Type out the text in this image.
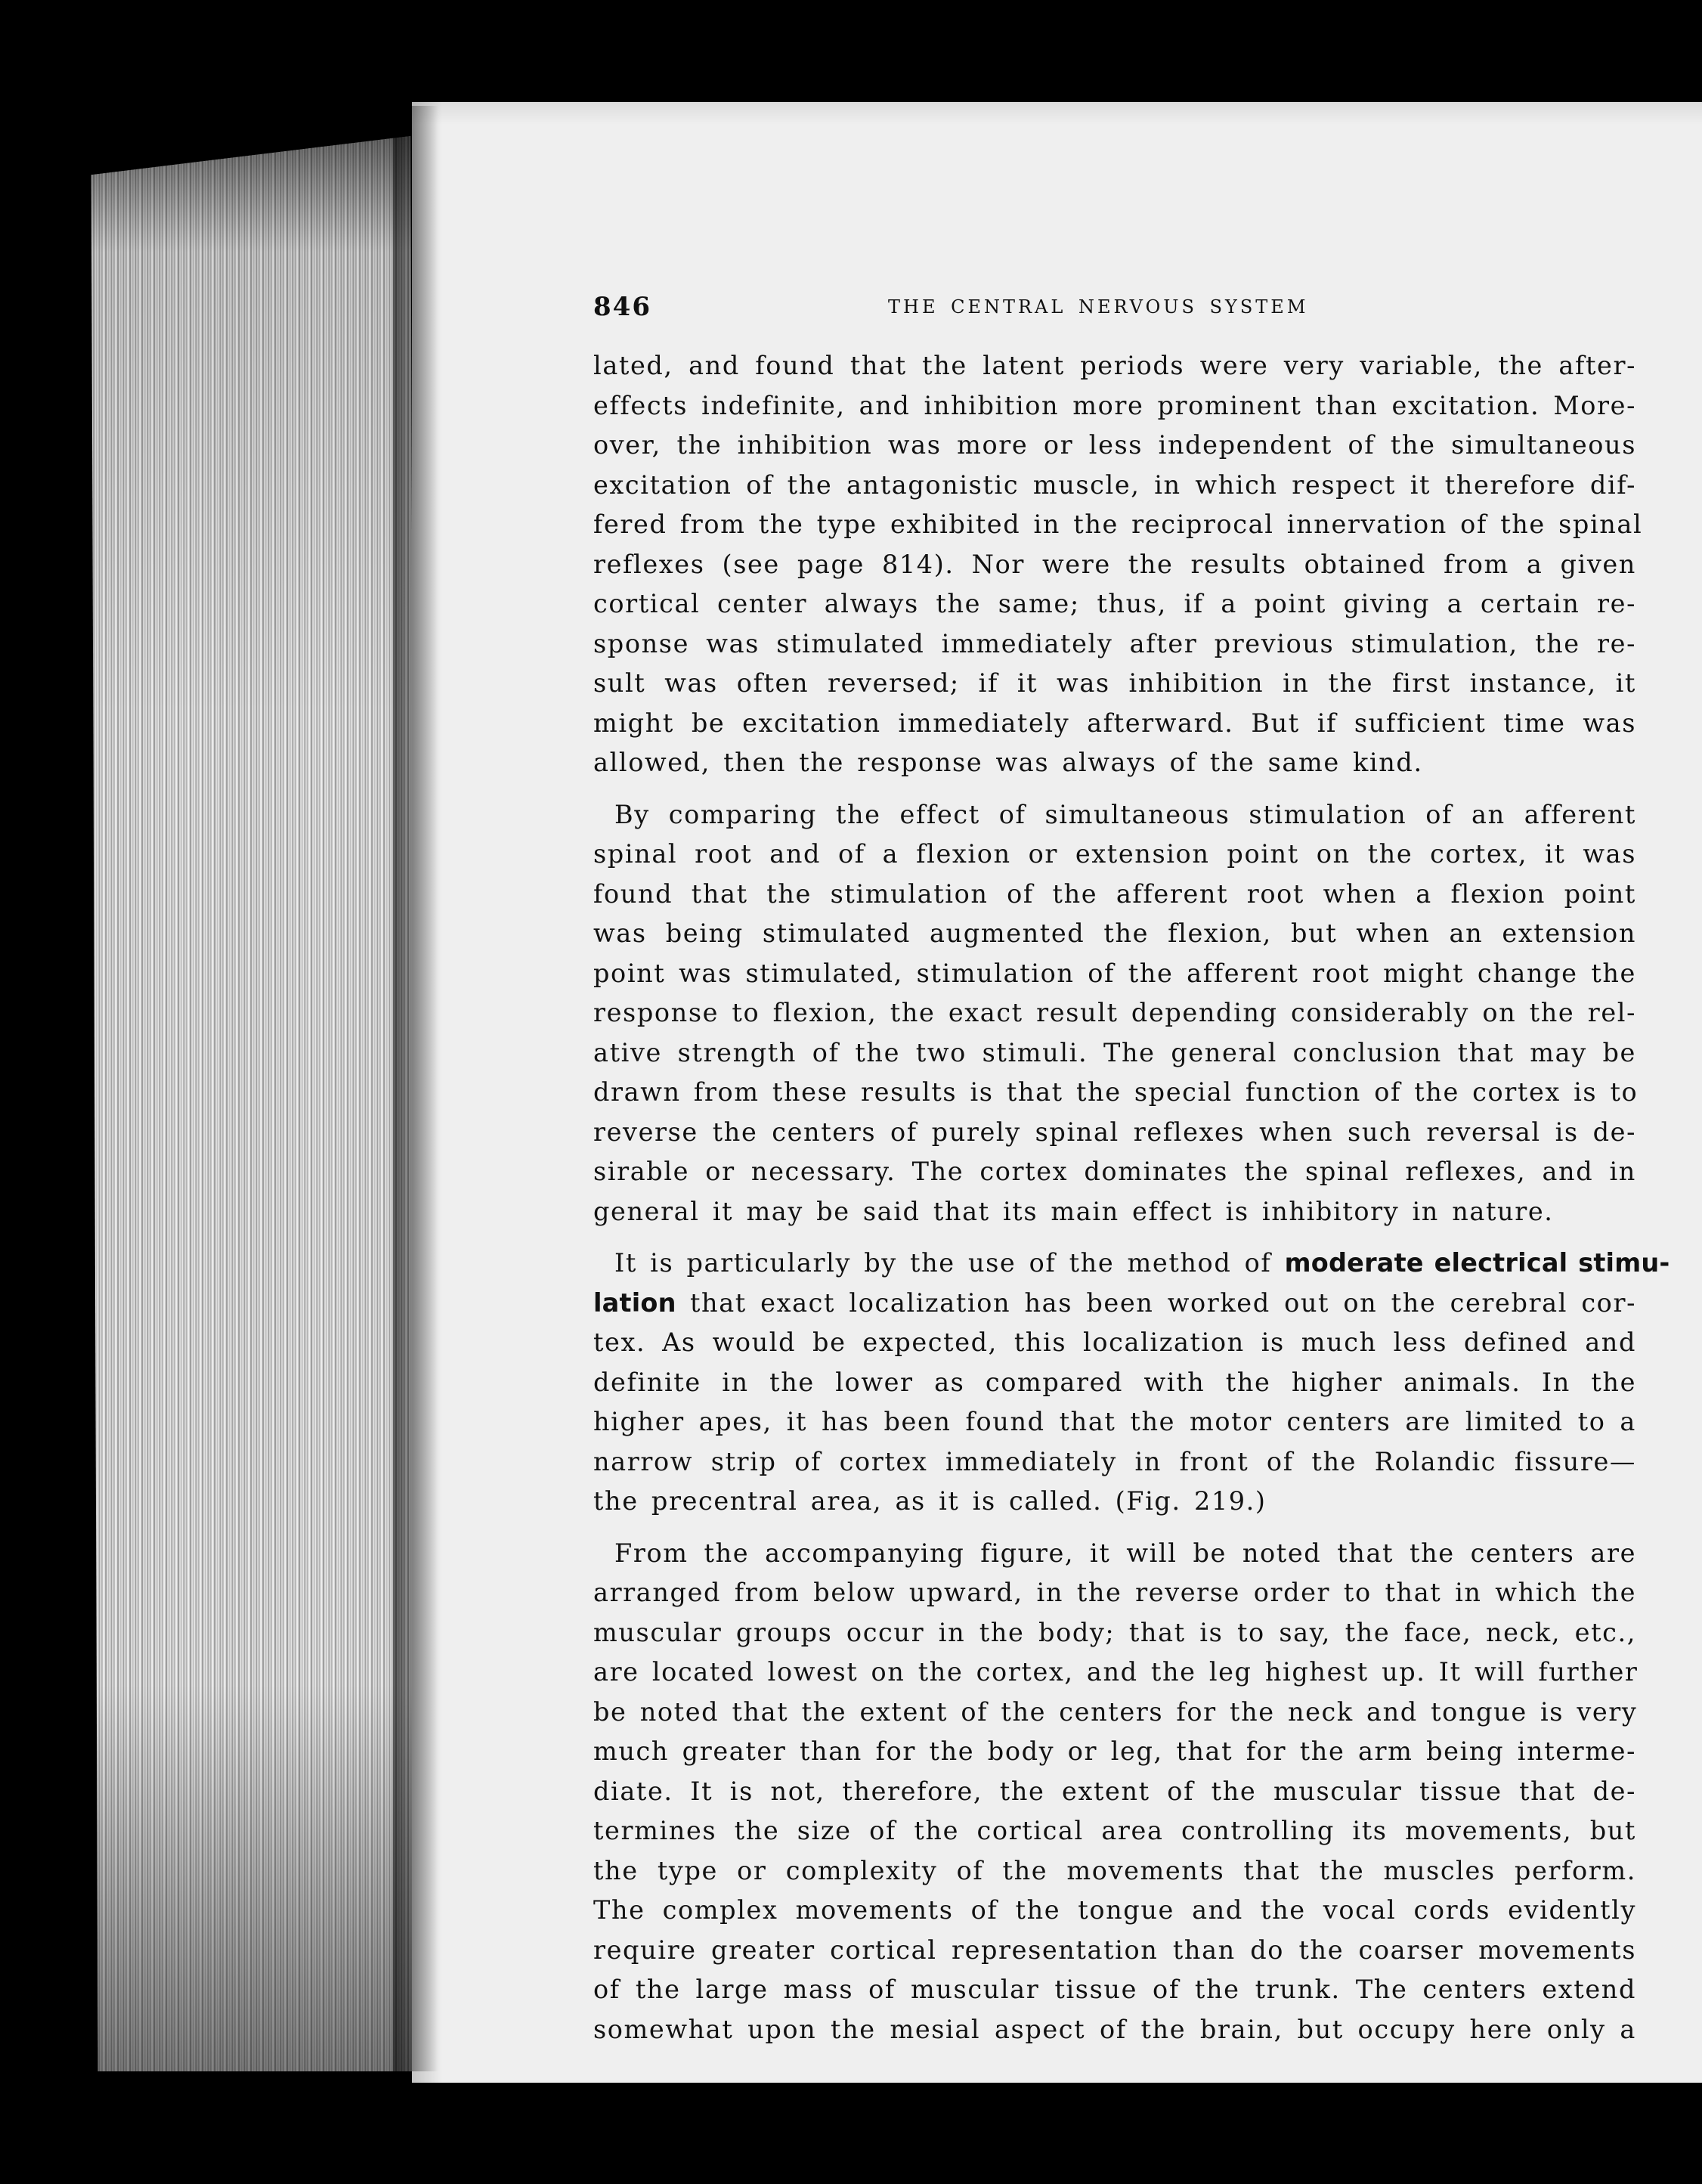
846	THE CENTRAL NERVOUS SYSTEM
lated, and found that the latent periods were very variable, the after-
effects indefinite, and inhibition more prominent than excitation. More-
over, the inhibition was more or less independent of the simultaneous
excitation of the antagonistic muscle, in which respect it therefore dif-
fered from the type exhibited in the reciprocal innervation of the spinal
reflexes (see page 814). Nor were the results obtained from a given
cortical center always the same; thus, if a point giving a certain re-
sponse was stimulated immediately after previous stimulation, the re-
sult was often reversed; if it was inhibition in the first instance, it
might be excitation immediately afterward. But if sufficient time was
allowed, then the response was always of the same kind.
By comparing the effect of simultaneous stimulation of an afferent
spinal root and of a flexion or extension point on the cortex, it was
found that the stimulation of the afferent root when a flexion point
was being stimulated augmented the flexion, but when an extension
point was stimulated, stimulation of the afferent root might change the
response to flexion, the exact result depending considerably on the rel-
ative strength of the two stimuli. The general conclusion that may be
drawn from these results is that the special function of the cortex is to
reverse the centers of purely spinal reflexes when such reversal is de-
sirable or necessary. The cortex dominates the spinal reflexes, and in
general it may be said that its main effect is inhibitory in nature.
It is particularly by the use of the method of moderate electrical stimu-
lation that exact localization has been worked out on the cerebral cor-
tex. As would be expected, this localization is much less defined and
definite in the lower as compared with the higher animals. In the
higher apes, it has been found that the motor centers are limited to a
narrow strip of cortex immediately in front of the Rolandic fissure—
the precentral area, as it is called. (Fig. 219.)
From the accompanying figure, it will be noted that the centers are
arranged from below upward, in the reverse order to that in which the
muscular groups occur in the body; that is to say, the face, neck, etc.,
are located lowest on the cortex, and the leg highest up. It will further
be noted that the extent of the centers for the neck and tongue is very
much greater than for the body or leg, that for the arm being interme-
diate. It is not, therefore, the extent of the muscular tissue that de-
termines the size of the cortical area controlling its movements, but
the type or complexity of the movements that the muscles perform.
The complex movements of the tongue and the vocal cords evidently
require greater cortical representation than do the coarser movements
of the large mass of muscular tissue of the trunk. The centers extend
somewhat upon the mesial aspect of the brain, but occupy here only a
